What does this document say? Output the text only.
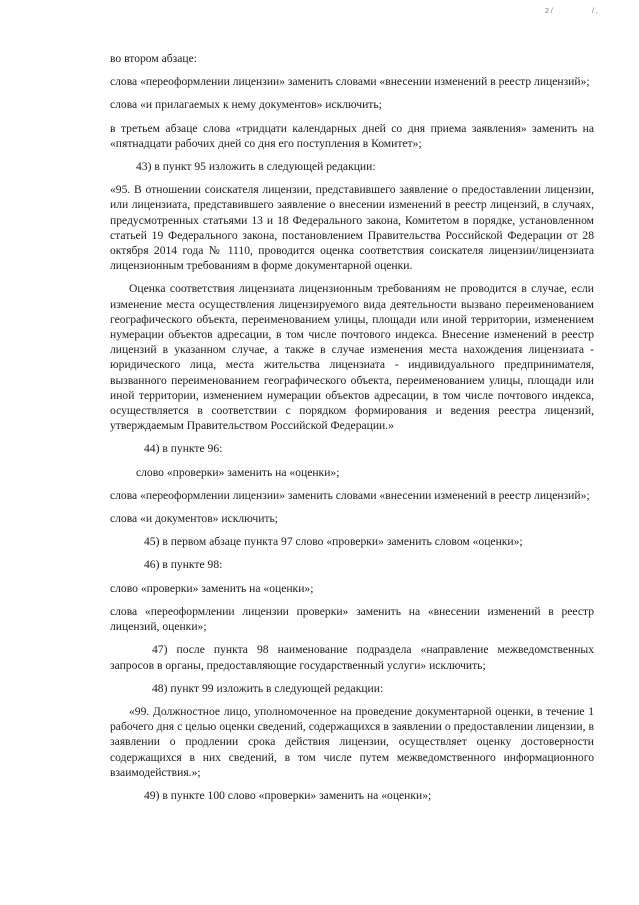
2 /	/ ,

во втором абзаце:

слова «переоформлении лицензии» заменить словами «внесении изменений в реестр лицензий»;

слова «и прилагаемых к нему документов» исключить;

в третьем абзаце слова «тридцати календарных дней со дня приема заявления» заменить на «пятнадцати рабочих дней со дня его поступления в Комитет»;

43) в пункт 95 изложить в следующей редакции:

«95. В отношении соискателя лицензии, представившего заявление о предоставлении лицензии, или лицензиата, представившего заявление о внесении изменений в реестр лицензий, в случаях, предусмотренных статьями 13 и 18 Федерального закона, Комитетом в порядке, установленном статьей 19 Федерального закона, постановлением Правительства Российской Федерации от 28 октября 2014 года № 1110, проводится оценка соответствия соискателя лицензии/лицензиата лицензионным требованиям в форме документарной оценки.

Оценка соответствия лицензиата лицензионным требованиям не проводится в случае, если изменение места осуществления лицензируемого вида деятельности вызвано переименованием географического объекта, переименованием улицы, площади или иной территории, изменением нумерации объектов адресации, в том числе почтового индекса. Внесение изменений в реестр лицензий в указанном случае, а также в случае изменения места нахождения лицензиата - юридического лица, места жительства лицензиата - индивидуального предпринимателя, вызванного переименованием географического объекта, переименованием улицы, площади или иной территории, изменением нумерации объектов адресации, в том числе почтового индекса, осуществляется в соответствии с порядком формирования и ведения реестра лицензий, утверждаемым Правительством Российской Федерации.»

44) в пункте 96:

слово «проверки» заменить на «оценки»;

слова «переоформлении лицензии» заменить словами «внесении изменений в реестр лицензий»;

слова «и документов» исключить;

45) в первом абзаце пункта 97 слово «проверки» заменить словом «оценки»;

46) в пункте 98:

слово «проверки» заменить на «оценки»;

слова «переоформлении лицензии проверки» заменить на «внесении изменений в реестр лицензий, оценки»;

47) после пункта 98 наименование подраздела «направление межведомственных запросов в органы, предоставляющие государственный услуги» исключить;

48) пункт 99 изложить в следующей редакции:

«99. Должностное лицо, уполномоченное на проведение документарной оценки, в течение 1 рабочего дня с целью оценки сведений, содержащихся в заявлении о предоставлении лицензии, в заявлении о продлении срока действия лицензии, осуществляет оценку достоверности содержащихся в них сведений, в том числе путем межведомственного информационного взаимодействия.»;

49) в пункте 100 слово «проверки» заменить на «оценки»;
